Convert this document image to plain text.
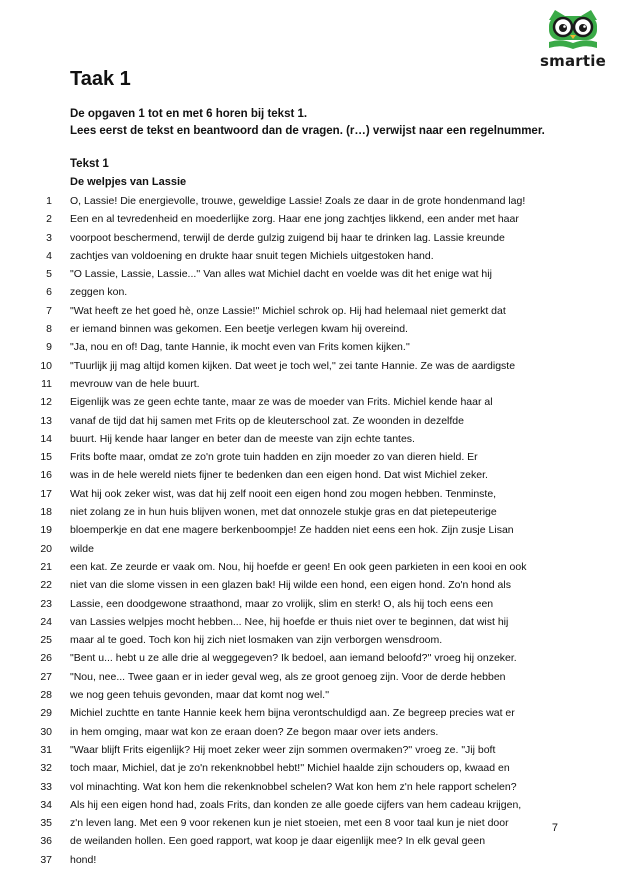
smartie
Taak 1
De opgaven 1 tot en met 6 horen bij tekst 1.
Lees eerst de tekst en beantwoord dan de vragen. (r…) verwijst naar een regelnummer.
Tekst 1
De welpjes van Lassie
1 O, Lassie! Die energievolle, trouwe, geweldige Lassie! Zoals ze daar in de grote hondenmand lag!
2 Een en al tevredenheid en moederlijke zorg. Haar ene jong zachtjes likkend, een ander met haar
3 voorpoot beschermend, terwijl de derde gulzig zuigend bij haar te drinken lag. Lassie kreunde
4 zachtjes van voldoening en drukte haar snuit tegen Michiels uitgestoken hand.
5 "O Lassie, Lassie, Lassie...'' Van alles wat Michiel dacht en voelde was dit het enige wat hij
6 zeggen kon.
7 "Wat heeft ze het goed hè, onze Lassie!'' Michiel schrok op. Hij had helemaal niet gemerkt dat
8 er iemand binnen was gekomen. Een beetje verlegen kwam hij overeind.
9 "Ja, nou en of! Dag, tante Hannie, ik mocht even van Frits komen kijken.''
10 "Tuurlijk jij mag altijd komen kijken. Dat weet je toch wel,'' zei tante Hannie. Ze was de aardigste
11 mevrouw van de hele buurt.
12 Eigenlijk was ze geen echte tante, maar ze was de moeder van Frits. Michiel kende haar al
13 vanaf de tijd dat hij samen met Frits op de kleuterschool zat. Ze woonden in dezelfde
14 buurt. Hij kende haar langer en beter dan de meeste van zijn echte tantes.
15 Frits bofte maar, omdat ze zo'n grote tuin hadden en zijn moeder zo van dieren hield. Er
16 was in de hele wereld niets fijner te bedenken dan een eigen hond. Dat wist Michiel zeker.
17 Wat hij ook zeker wist, was dat hij zelf nooit een eigen hond zou mogen hebben. Tenminste,
18 niet zolang ze in hun huis blijven wonen, met dat onnozele stukje gras en dat pietepeuterige
19 bloemperkje en dat ene magere berkenboompje! Ze hadden niet eens een hok. Zijn zusje Lisan
20 wilde
21 een kat. Ze zeurde er vaak om. Nou, hij hoefde er geen! En ook geen parkieten in een kooi en ook
22 niet van die slome vissen in een glazen bak! Hij wilde een hond, een eigen hond. Zo'n hond als
23 Lassie, een doodgewone straathond, maar zo vrolijk, slim en sterk! O, als hij toch eens een
24 van Lassies welpjes mocht hebben... Nee, hij hoefde er thuis niet over te beginnen, dat wist hij
25 maar al te goed. Toch kon hij zich niet losmaken van zijn verborgen wensdroom.
26 "Bent u... hebt u ze alle drie al weggegeven? Ik bedoel, aan iemand beloofd?'' vroeg hij onzeker.
27 "Nou, nee... Twee gaan er in ieder geval weg, als ze groot genoeg zijn. Voor de derde hebben
28 we nog geen tehuis gevonden, maar dat komt nog wel.''
29 Michiel zuchtte en tante Hannie keek hem bijna verontschuldigd aan. Ze begreep precies wat er
30 in hem omging, maar wat kon ze eraan doen? Ze begon maar over iets anders.
31 "Waar blijft Frits eigenlijk? Hij moet zeker weer zijn sommen overmaken?'' vroeg ze. "Jij boft
32 toch maar, Michiel, dat je zo'n rekenknobbel hebt!'' Michiel haalde zijn schouders op, kwaad en
33 vol minachting. Wat kon hem die rekenknobbel schelen? Wat kon hem z'n hele rapport schelen?
34 Als hij een eigen hond had, zoals Frits, dan konden ze alle goede cijfers van hem cadeau krijgen,
35 z'n leven lang. Met een 9 voor rekenen kun je niet stoeien, met een 8 voor taal kun je niet door
36 de weilanden hollen. Een goed rapport, wat koop je daar eigenlijk mee? In elk geval geen
37 hond!
7
